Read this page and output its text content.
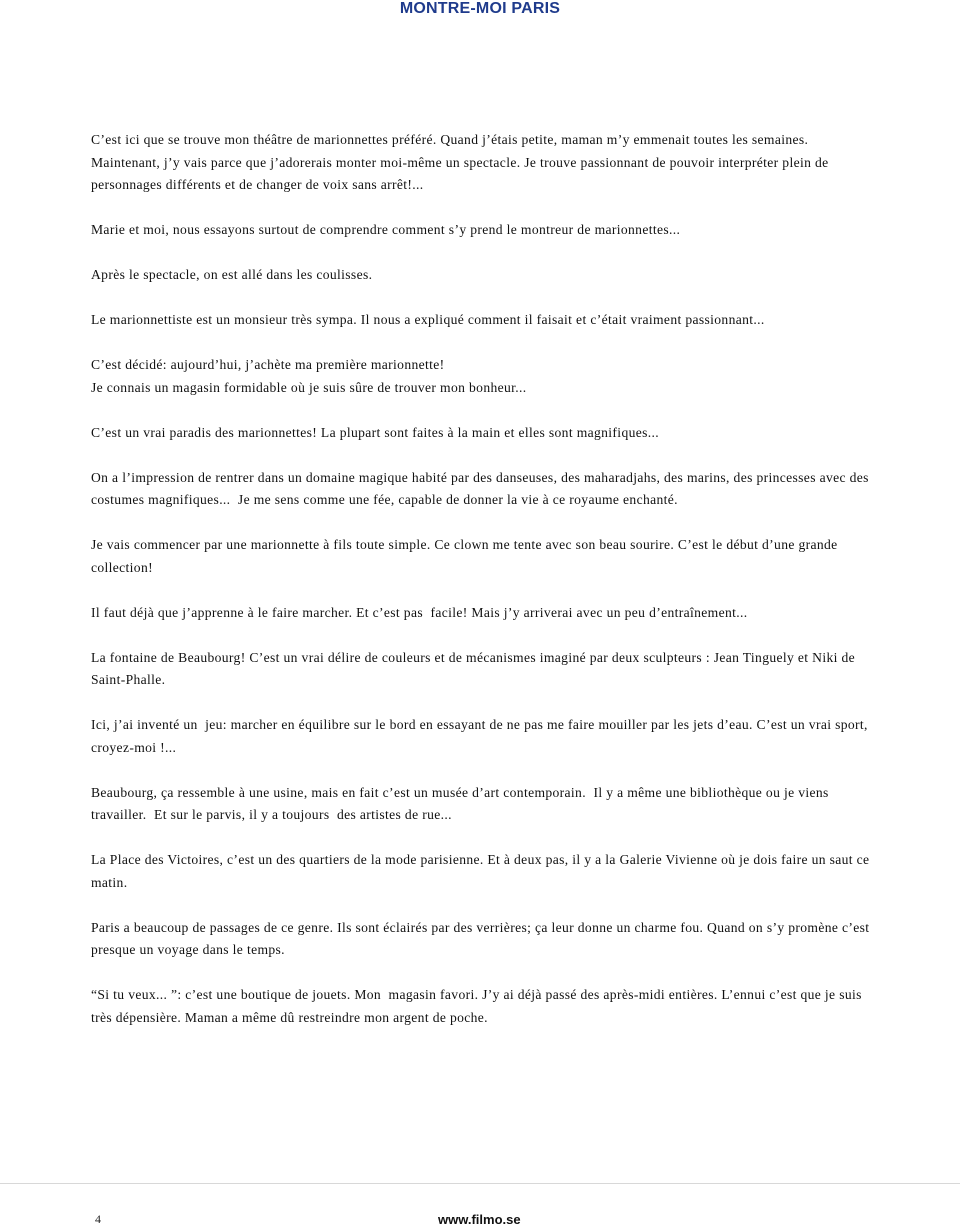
MONTRE-MOI PARIS

C’est ici que se trouve mon théâtre de marionnettes préféré. Quand j’étais petite, maman m’y emmenait toutes les semaines. Maintenant, j’y vais parce que j’adorerais monter moi-même un spectacle. Je trouve passionnant de pouvoir interpréter plein de personnages différents et de changer de voix sans arrêt!...

Marie et moi, nous essayons surtout de comprendre comment s’y prend le montreur de marionnettes...

Après le spectacle, on est allé dans les coulisses.

Le marionnettiste est un monsieur très sympa. Il nous a expliqué comment il faisait et c’était vraiment passionnant...

C’est décidé: aujourd’hui, j’achète ma première marionnette!

Je connais un magasin formidable où je suis sûre de trouver mon bonheur...

C’est un vrai paradis des marionnettes! La plupart sont faites à la main et elles sont magnifiques...

On a l’impression de rentrer dans un domaine magique habité par des danseuses, des maharadjahs, des marins, des princesses avec des costumes magnifiques...  Je me sens comme une fée, capable de donner la vie à ce royaume enchanté.

Je vais commencer par une marionnette à fils toute simple. Ce clown me tente avec son beau sourire. C’est le début d’une grande collection!

Il faut déjà que j’apprenne à le faire marcher. Et c’est pas  facile! Mais j’y arriverai avec un peu d’entraînement...

La fontaine de Beaubourg! C’est un vrai délire de couleurs et de mécanismes imaginé par deux sculpteurs : Jean Tinguely et Niki de Saint-Phalle.

Ici, j’ai inventé un  jeu: marcher en équilibre sur le bord en essayant de ne pas me faire mouiller par les jets d’eau. C’est un vrai sport, croyez-moi !...

Beaubourg, ça ressemble à une usine, mais en fait c’est un musée d’art contemporain.  Il y a même une bibliothèque ou je viens travailler.  Et sur le parvis, il y a toujours  des artistes de rue...

La Place des Victoires, c’est un des quartiers de la mode parisienne. Et à deux pas, il y a la Galerie Vivienne où je dois faire un saut ce matin.

Paris a beaucoup de passages de ce genre. Ils sont éclairés par des verrières; ça leur donne un charme fou. Quand on s’y promène c’est presque un voyage dans le temps.

“Si tu veux... ”: c’est une boutique de jouets. Mon  magasin favori. J’y ai déjà passé des après-midi entières. L’ennui c’est que je suis très dépensière. Maman a même dû restreindre mon argent de poche.

4	www.filmo.se
